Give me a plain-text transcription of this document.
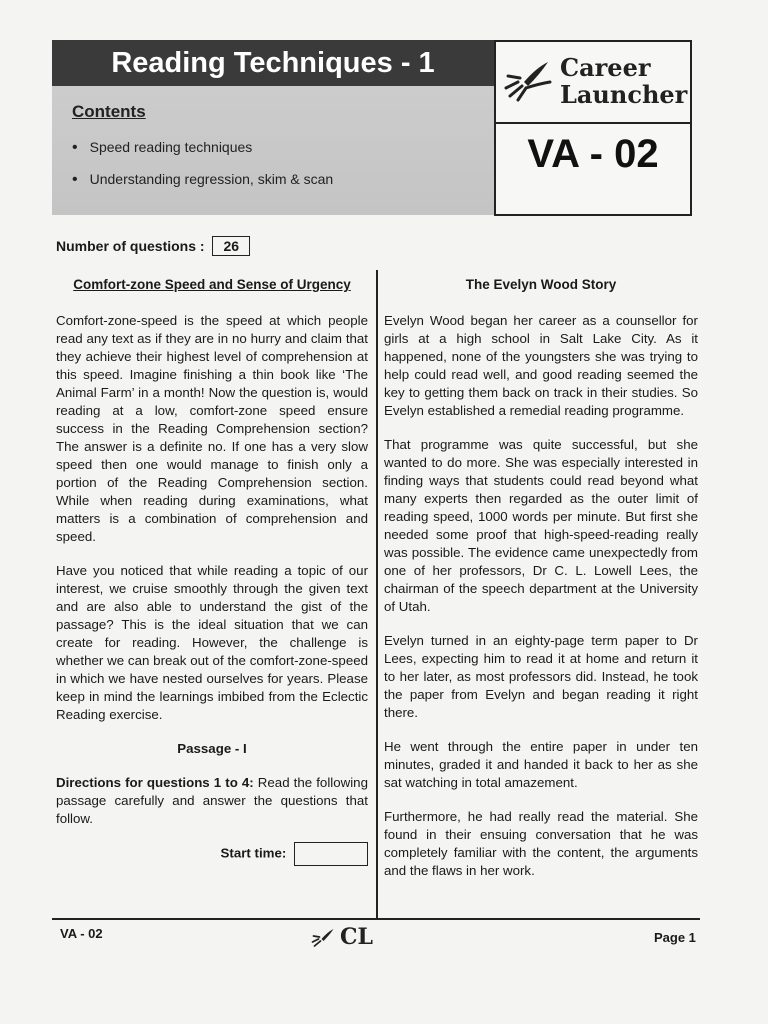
Reading Techniques - 1
Contents
• Speed reading techniques
• Understanding regression, skim & scan
Career
Launcher
VA - 02
Number of questions : 26
Comfort-zone Speed and Sense of Urgency

Comfort-zone-speed is the speed at which people read any text as if they are in no hurry and claim that they achieve their highest level of comprehension at this speed. Imagine finishing a thin book like ‘The Animal Farm’ in a month! Now the question is, would reading at a low, comfort-zone speed ensure success in the Reading Comprehension section? The answer is a definite no. If one has a very slow speed then one would manage to finish only a portion of the Reading Comprehension section. While when reading during examinations, what matters is a combination of comprehension and speed.

Have you noticed that while reading a topic of our interest, we cruise smoothly through the given text and are also able to understand the gist of the passage? This is the ideal situation that we can create for reading. However, the challenge is whether we can break out of the comfort-zone-speed in which we have nested ourselves for years. Please keep in mind the learnings imbibed from the Eclectic Reading exercise.

Passage - I

Directions for questions 1 to 4: Read the following passage carefully and answer the questions that follow.

Start time:
The Evelyn Wood Story

Evelyn Wood began her career as a counsellor for girls at a high school in Salt Lake City. As it happened, none of the youngsters she was trying to help could read well, and good reading seemed the key to getting them back on track in their studies. So Evelyn established a remedial reading programme.

That programme was quite successful, but she wanted to do more. She was especially interested in finding ways that students could read beyond what many experts then regarded as the outer limit of reading speed, 1000 words per minute. But first she needed some proof that high-speed-reading really was possible. The evidence came unexpectedly from one of her professors, Dr C. L. Lowell Lees, the chairman of the speech department at the University of Utah.

Evelyn turned in an eighty-page term paper to Dr Lees, expecting him to read it at home and return it to her later, as most professors did. Instead, he took the paper from Evelyn and began reading it right there.

He went through the entire paper in under ten minutes, graded it and handed it back to her as she sat watching in total amazement.

Furthermore, he had really read the material. She found in their ensuing conversation that he was completely familiar with the content, the arguments and the flaws in her work.

VA - 02	CL	Page 1
